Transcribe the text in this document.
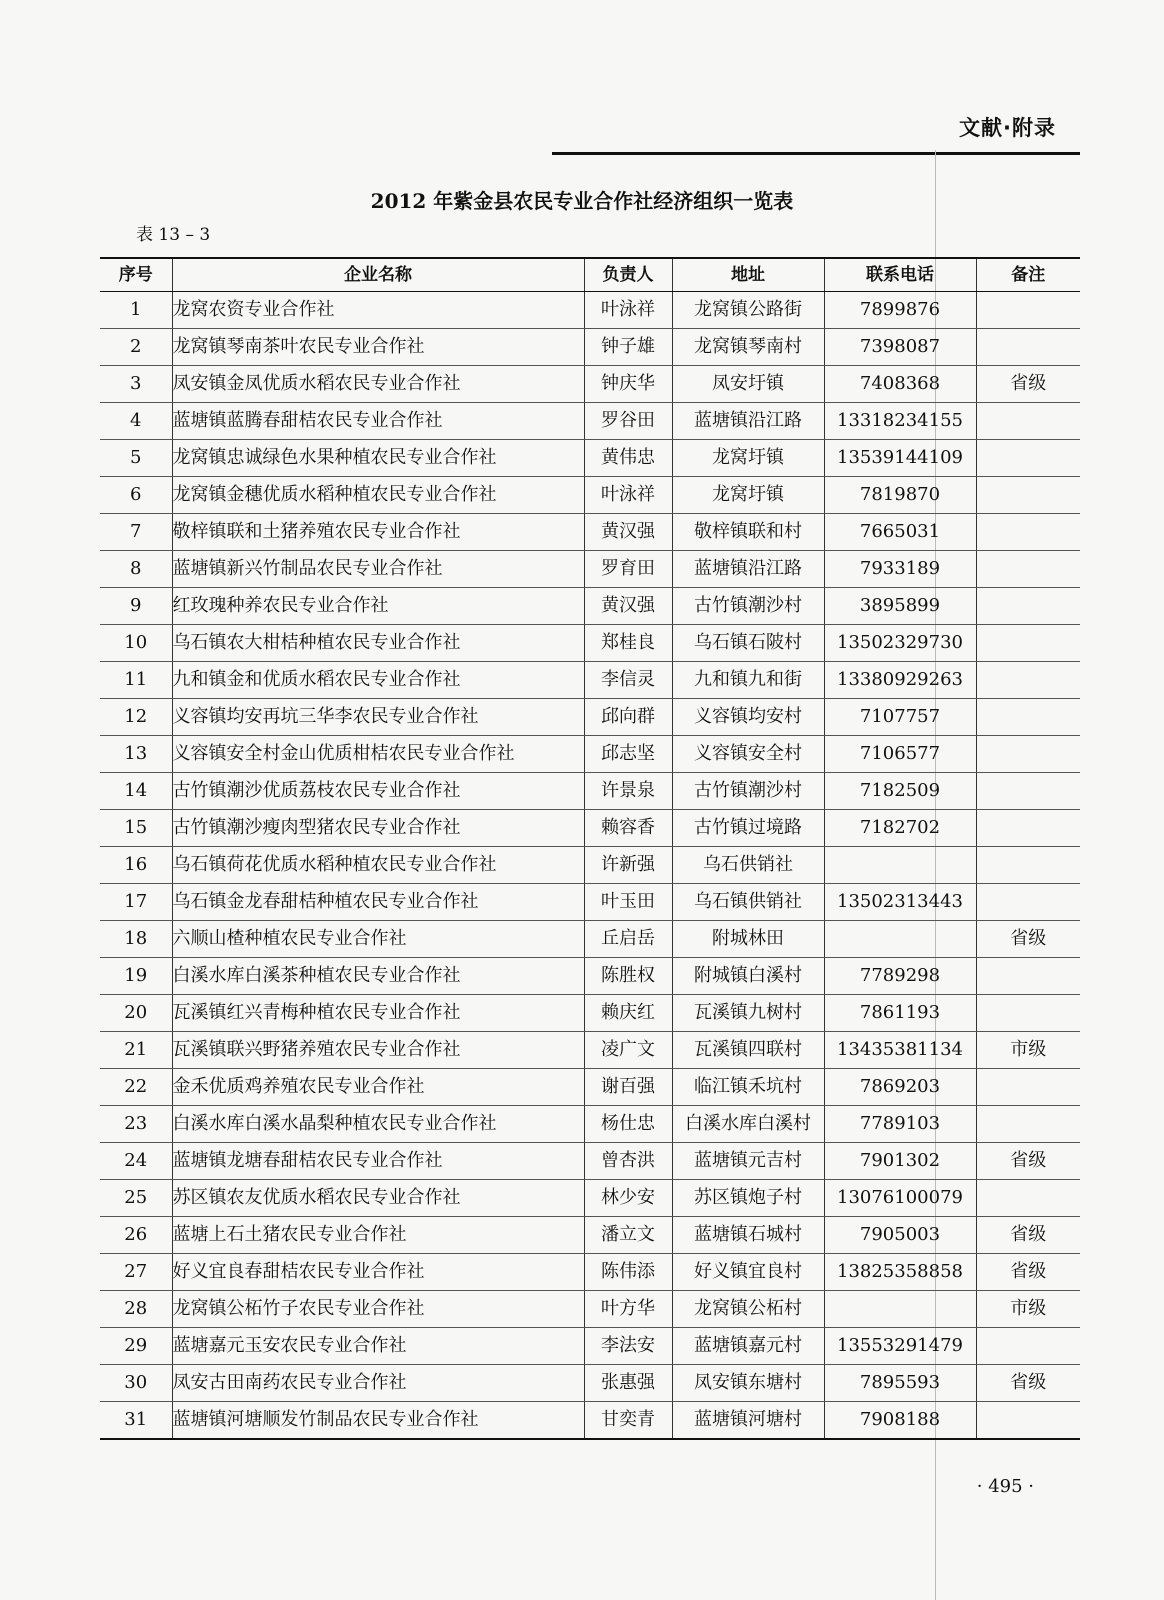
文献·附录
2012 年紫金县农民专业合作社经济组织一览表
表 13 – 3
序号	企业名称	负责人	地址	联系电话	备注
1	龙窝农资专业合作社	叶泳祥	龙窝镇公路街	7899876	
2	龙窝镇琴南茶叶农民专业合作社	钟子雄	龙窝镇琴南村	7398087	
3	凤安镇金凤优质水稻农民专业合作社	钟庆华	凤安圩镇	7408368	省级
4	蓝塘镇蓝腾春甜桔农民专业合作社	罗谷田	蓝塘镇沿江路	13318234155	
5	龙窝镇忠诚绿色水果种植农民专业合作社	黄伟忠	龙窝圩镇	13539144109	
6	龙窝镇金穗优质水稻种植农民专业合作社	叶泳祥	龙窝圩镇	7819870	
7	敬梓镇联和土猪养殖农民专业合作社	黄汉强	敬梓镇联和村	7665031	
8	蓝塘镇新兴竹制品农民专业合作社	罗育田	蓝塘镇沿江路	7933189	
9	红玫瑰种养农民专业合作社	黄汉强	古竹镇潮沙村	3895899	
10	乌石镇农大柑桔种植农民专业合作社	郑桂良	乌石镇石陂村	13502329730	
11	九和镇金和优质水稻农民专业合作社	李信灵	九和镇九和街	13380929263	
12	义容镇均安再坑三华李农民专业合作社	邱向群	义容镇均安村	7107757	
13	义容镇安全村金山优质柑桔农民专业合作社	邱志坚	义容镇安全村	7106577	
14	古竹镇潮沙优质荔枝农民专业合作社	许景泉	古竹镇潮沙村	7182509	
15	古竹镇潮沙瘦肉型猪农民专业合作社	赖容香	古竹镇过境路	7182702	
16	乌石镇荷花优质水稻种植农民专业合作社	许新强	乌石供销社		
17	乌石镇金龙春甜桔种植农民专业合作社	叶玉田	乌石镇供销社	13502313443	
18	六顺山楂种植农民专业合作社	丘启岳	附城林田		省级
19	白溪水库白溪茶种植农民专业合作社	陈胜权	附城镇白溪村	7789298	
20	瓦溪镇红兴青梅种植农民专业合作社	赖庆红	瓦溪镇九树村	7861193	
21	瓦溪镇联兴野猪养殖农民专业合作社	凌广文	瓦溪镇四联村	13435381134	市级
22	金禾优质鸡养殖农民专业合作社	谢百强	临江镇禾坑村	7869203	
23	白溪水库白溪水晶梨种植农民专业合作社	杨仕忠	白溪水库白溪村	7789103	
24	蓝塘镇龙塘春甜桔农民专业合作社	曾杏洪	蓝塘镇元吉村	7901302	省级
25	苏区镇农友优质水稻农民专业合作社	林少安	苏区镇炮子村	13076100079	
26	蓝塘上石土猪农民专业合作社	潘立文	蓝塘镇石城村	7905003	省级
27	好义宜良春甜桔农民专业合作社	陈伟添	好义镇宜良村	13825358858	省级
28	龙窝镇公柘竹子农民专业合作社	叶方华	龙窝镇公柘村		市级
29	蓝塘嘉元玉安农民专业合作社	李法安	蓝塘镇嘉元村	13553291479	
30	凤安古田南药农民专业合作社	张惠强	凤安镇东塘村	7895593	省级
31	蓝塘镇河塘顺发竹制品农民专业合作社	甘奕青	蓝塘镇河塘村	7908188	
· 495 ·
